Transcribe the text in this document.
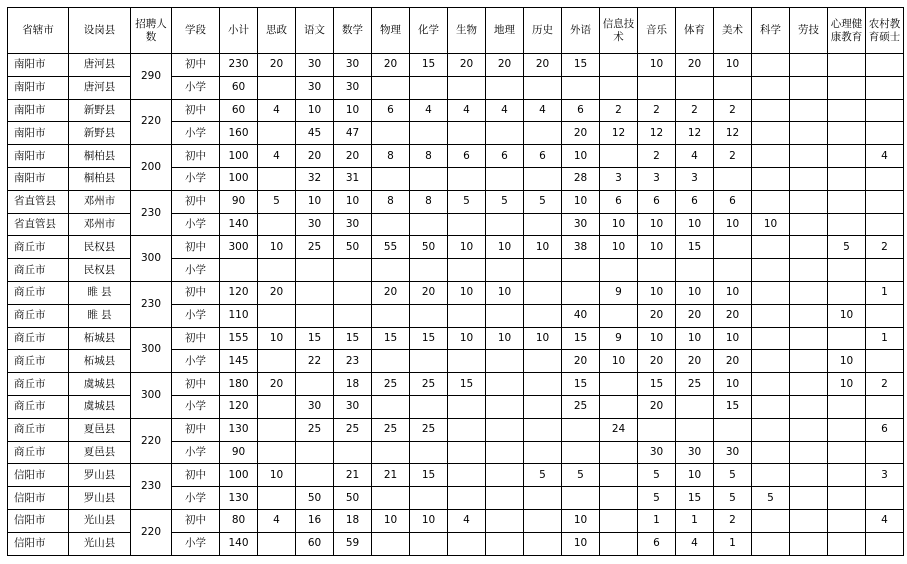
省辖市	设岗县	招聘人数	学段	小计	思政	语文	数学	物理	化学	生物	地理	历史	外语	信息技术	音乐	体育	美术	科学	劳技	心理健康教育	农村教育硕士
南阳市	唐河县	290	初中	230	20	30	30	20	15	20	20	20	15		10	20	10				
南阳市	唐河县		小学	60		30	30														
南阳市	新野县	220	初中	60	4	10	10	6	4	4	4	4	6	2	2	2	2				
南阳市	新野县		小学	160		45	47						20	12	12	12	12				
南阳市	桐柏县	200	初中	100	4	20	20	8	8	6	6	6	10		2	4	2				4
南阳市	桐柏县		小学	100		32	31						28	3	3	3					
省直管县	邓州市	230	初中	90	5	10	10	8	8	5	5	5	10	6	6	6	6				
省直管县	邓州市		小学	140		30	30						30	10	10	10	10	10			
商丘市	民权县	300	初中	300	10	25	50	55	50	10	10	10	38	10	10	15				5	2
商丘市	民权县		小学																		
商丘市	睢 县	230	初中	120	20			20	20	10	10			9	10	10	10				1
商丘市	睢 县		小学	110									40		20	20	20			10	
商丘市	柘城县	300	初中	155	10	15	15	15	15	10	10	10	15	9	10	10	10				1
商丘市	柘城县		小学	145		22	23						20	10	20	20	20			10	
商丘市	虞城县	300	初中	180	20		18	25	25	15			15		15	25	10			10	2
商丘市	虞城县		小学	120		30	30						25		20		15				
商丘市	夏邑县	220	初中	130		25	25	25	25					24							6
商丘市	夏邑县		小学	90											30	30	30				
信阳市	罗山县	230	初中	100	10		21	21	15			5	5		5	10	5				3
信阳市	罗山县		小学	130		50	50								5	15	5	5			
信阳市	光山县	220	初中	80	4	16	18	10	10	4			10		1	1	2				4
信阳市	光山县		小学	140		60	59						10		6	4	1				
